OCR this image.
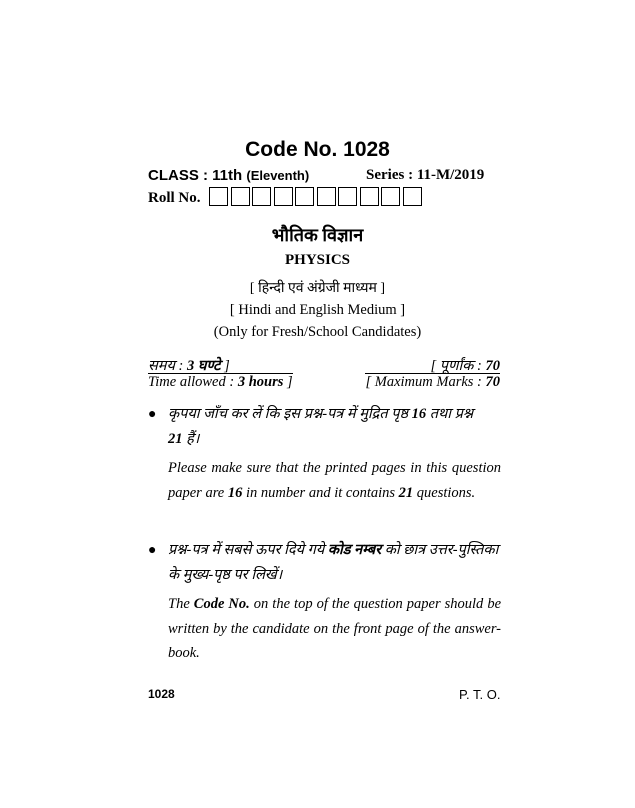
Code No. 1028
CLASS : 11th (Eleventh)	Series : 11-M/2019
Roll No.
भौतिक विज्ञान
PHYSICS
[ हिन्दी एवं अंग्रेजी माध्यम ]
[ Hindi and English Medium ]
(Only for Fresh/School Candidates)
समय : 3 घण्टे ]	[ पूर्णांक : 70
Time allowed : 3 hours ]	[ Maximum Marks : 70
● कृपया जाँच कर लें कि इस प्रश्न-पत्र में मुद्रित पृष्ठ 16 तथा प्रश्न
21 हैं।
Please make sure that the printed pages in this question paper are 16 in number and it contains 21 questions.
● प्रश्न-पत्र में सबसे ऊपर दिये गये कोड नम्बर को छात्र उत्तर-पुस्तिका
के मुख्य-पृष्ठ पर लिखें।
The Code No. on the top of the question paper should be written by the candidate on the front page of the answer-book.
1028	P. T. O.
